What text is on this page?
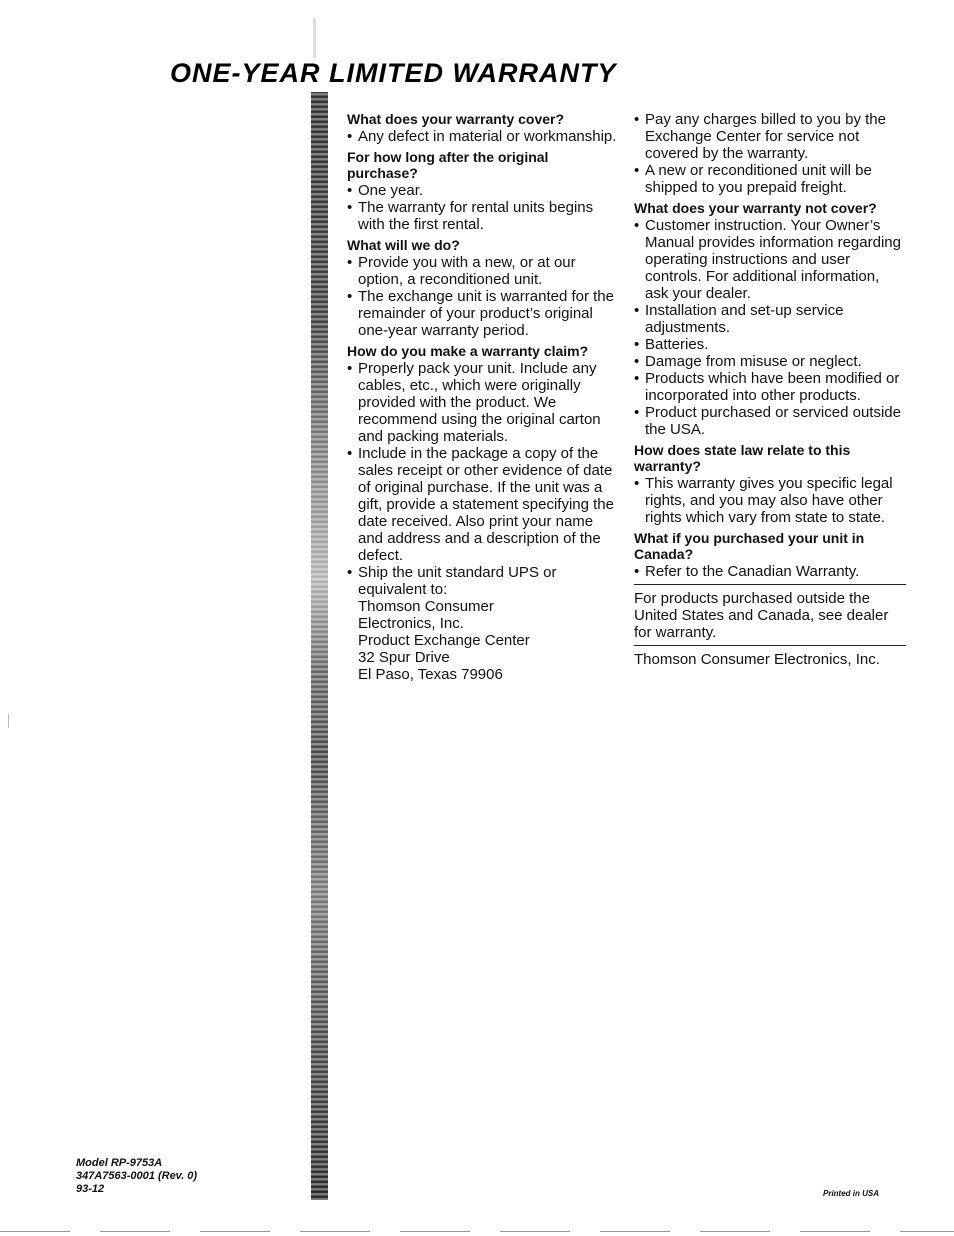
ONE-YEAR LIMITED WARRANTY
What does your warranty cover?
• Any defect in material or workmanship.
For how long after the original purchase?
• One year.
• The warranty for rental units begins with the first rental.
What will we do?
• Provide you with a new, or at our option, a reconditioned unit.
• The exchange unit is warranted for the remainder of your product’s original one-year warranty period.
How do you make a warranty claim?
• Properly pack your unit. Include any cables, etc., which were originally provided with the product. We recommend using the original carton and packing materials.
• Include in the package a copy of the sales receipt or other evidence of date of original purchase. If the unit was a gift, provide a statement specifying the date received. Also print your name and address and a description of the defect.
• Ship the unit standard UPS or equivalent to:
Thomson Consumer
Electronics, Inc.
Product Exchange Center
32 Spur Drive
El Paso, Texas 79906
• Pay any charges billed to you by the Exchange Center for service not covered by the warranty.
• A new or reconditioned unit will be shipped to you prepaid freight.
What does your warranty not cover?
• Customer instruction. Your Owner’s Manual provides information regarding operating instructions and user controls. For additional information, ask your dealer.
• Installation and set-up service adjustments.
• Batteries.
• Damage from misuse or neglect.
• Products which have been modified or incorporated into other products.
• Product purchased or serviced outside the USA.
How does state law relate to this warranty?
• This warranty gives you specific legal rights, and you may also have other rights which vary from state to state.
What if you purchased your unit in Canada?
• Refer to the Canadian Warranty.

For products purchased outside the United States and Canada, see dealer for warranty.

Thomson Consumer Electronics, Inc.

Model RP-9753A
347A7563-0001 (Rev. 0)
93-12	Printed in USA
